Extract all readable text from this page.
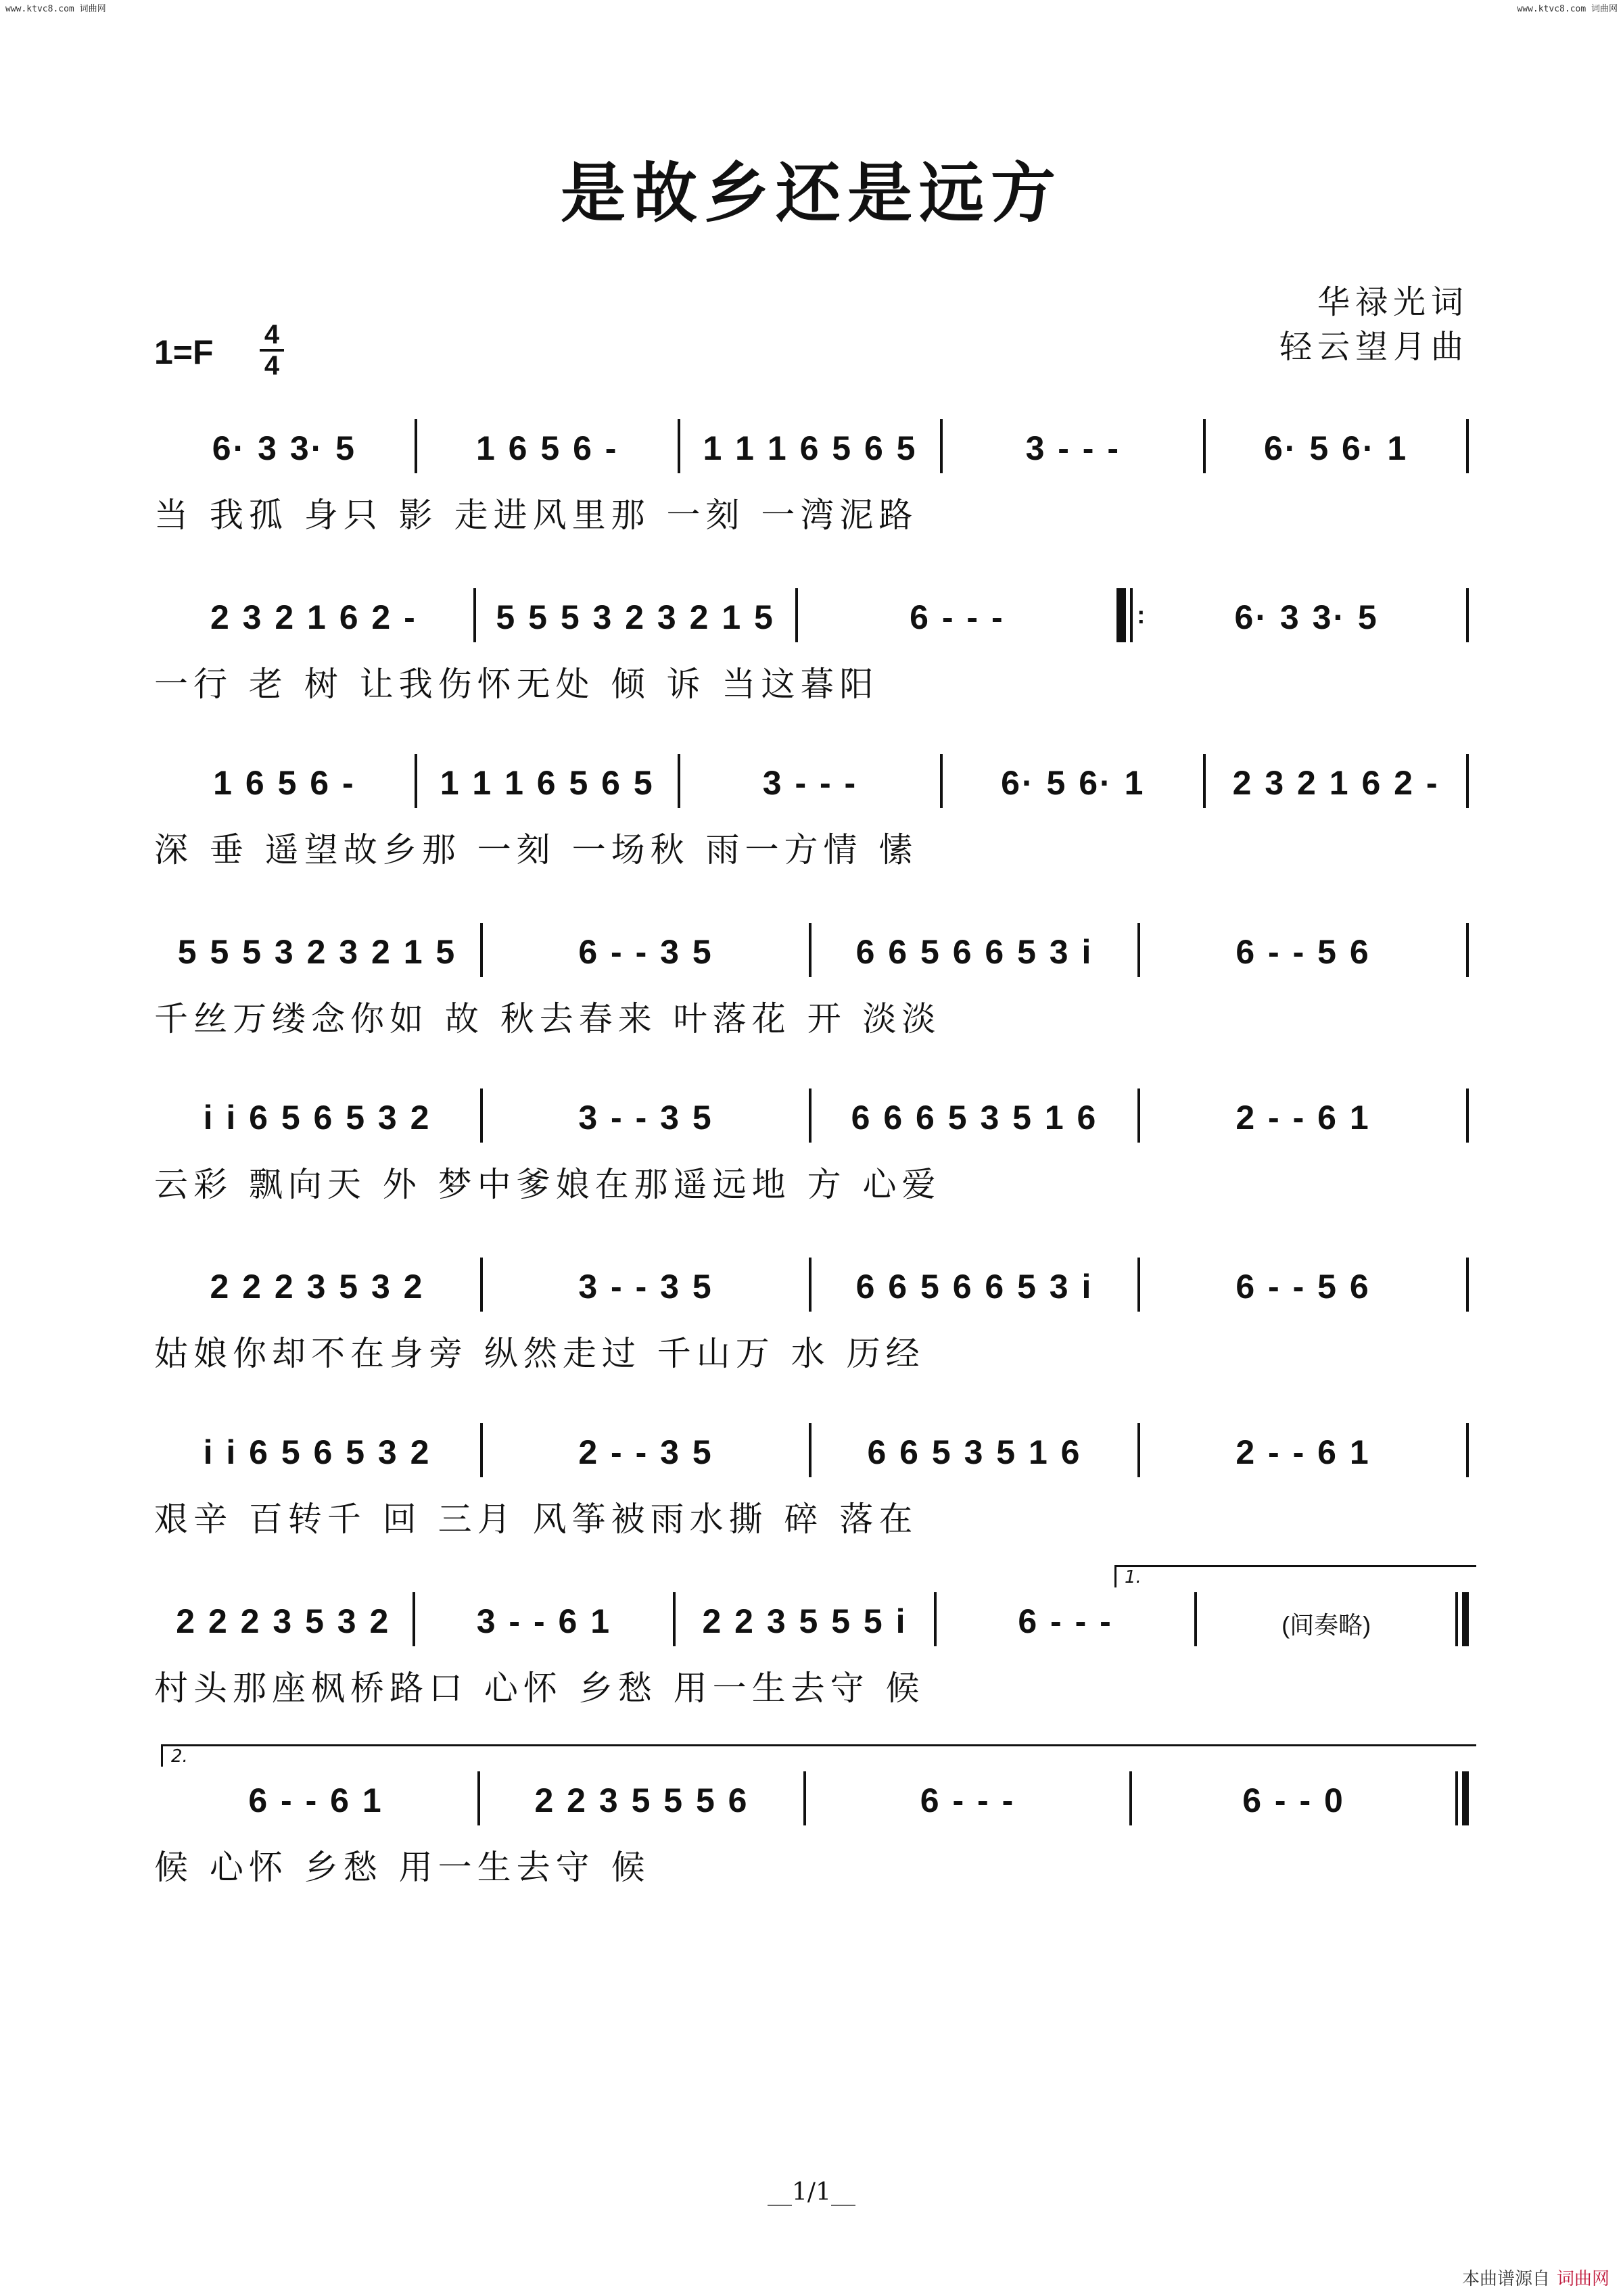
www.ktvc8.com 词曲网	www.ktvc8.com 词曲网
是故乡还是远方
华禄光词
轻云望月曲
1=F 4
4
6· 3 3· 5	1 6 5 6 -	1 1 1 6 5 6 5	3 - - -	6· 5 6· 1
当 我孤 身只 影 走进风里那 一刻 一湾泥路
2 3 2 1 6 2 - 5 5 5 3 2 3 2 1 5	6 - - -	:	6· 3 3· 5
一行 老 树 让我伤怀无处 倾 诉 当这暮阳
1 6 5 6 -	1 1 1 6 5 6 5	3 - - -	6· 5 6· 1	2 3 2 1 6 2 -
深 垂 遥望故乡那 一刻 一场秋 雨一方情 愫
5 5 5 3 2 3 2 1 5	6 - - 3 5	6 6 5 6 6 5 3 i	6 - - 5 6
千丝万缕念你如 故 秋去春来 叶落花 开 淡淡
i i 6 5 6 5 3 2	3 - - 3 5	6 6 6 5 3 5 1 6	2 - - 6 1
云彩 飘向天 外 梦中爹娘在那遥远地 方 心爱
2 2 2 3 5 3 2	3 - - 3 5	6 6 5 6 6 5 3 i	6 - - 5 6
姑娘你却不在身旁 纵然走过 千山万 水 历经
i i 6 5 6 5 3 2	2 - - 3 5	6 6 5 3 5 1 6	2 - - 6 1
艰辛 百转千 回 三月 风筝被雨水撕 碎 落在
1.
2 2 2 3 5 3 2	3 - - 6 1	2 2 3 5 5 5 i	6 - - -	(间奏略)
村头那座枫桥路口 心怀 乡愁 用一生去守 候
2.
6 - - 6 1	2 2 3 5 5 5 6	6 - - -	6 - - 0
候 心怀 乡愁 用一生去守 候
__1/1__
本曲谱源自 词曲网
